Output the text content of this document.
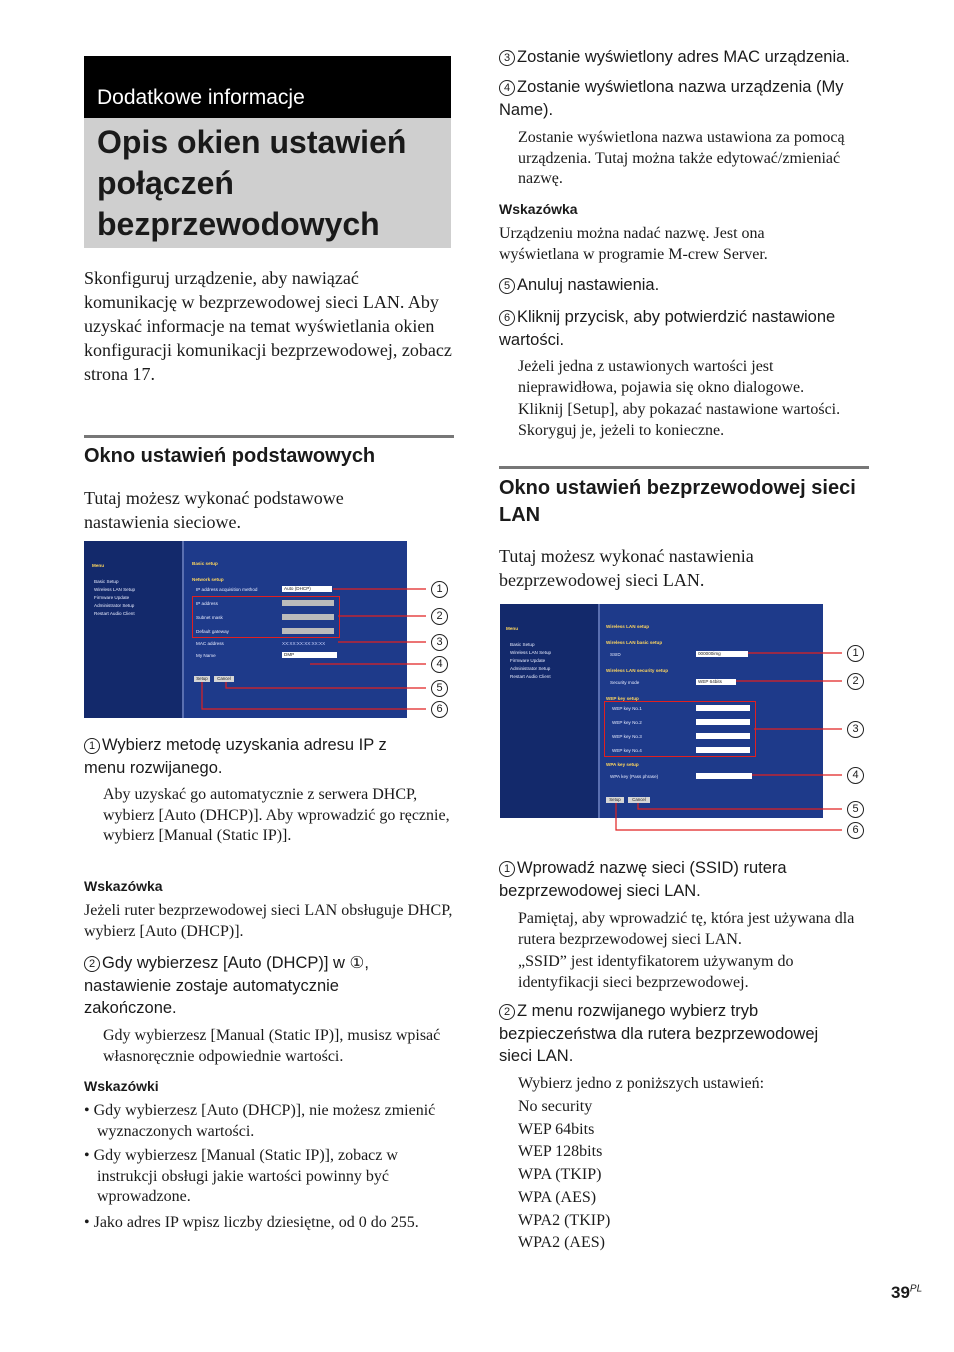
Dodatkowe informacje
Opis okien ustawień połączeń bezprzewodowych
Skonfiguruj urządzenie, aby nawiązać komunikację w bezprzewodowej sieci LAN. Aby uzyskać informacje na temat wyświetlania okien konfiguracji komunikacji bezprzewodowej, zobacz strona 17.
Okno ustawień podstawowych
Tutaj możesz wykonać podstawowe nastawienia sieciowe.
Menu
Basic Setup
Wireless LAN Setup
Firmware Update
Administrator Setup
Restart Audio Client
Basic setup
Network setup
IP address acquisition method	Auto (DHCP)
IP address
Subnet mask
Default gateway
MAC address	XX:XX:XX:XX:XX:XX
My Name	DMP
Setup	Cancel
1
2
3
4
5
6
1 Wybierz metodę uzyskania adresu IP z menu rozwijanego.
Aby uzyskać go automatycznie z serwera DHCP, wybierz [Auto (DHCP)]. Aby wprowadzić go ręcznie, wybierz [Manual (Static IP)].
Wskazówka
Jeżeli ruter bezprzewodowej sieci LAN obsługuje DHCP, wybierz [Auto (DHCP)].
2 Gdy wybierzesz [Auto (DHCP)] w ①, nastawienie zostaje automatycznie zakończone.
Gdy wybierzesz [Manual (Static IP)], musisz wpisać własnoręcznie odpowiednie wartości.
Wskazówki
• Gdy wybierzesz [Auto (DHCP)], nie możesz zmienić wyznaczonych wartości.
• Gdy wybierzesz [Manual (Static IP)], zobacz w instrukcji obsługi jakie wartości powinny być wprowadzone.
• Jako adres IP wpisz liczby dziesiętne, od 0 do 255.
3 Zostanie wyświetlony adres MAC urządzenia.
4 Zostanie wyświetlona nazwa urządzenia (My Name).
Zostanie wyświetlona nazwa ustawiona za pomocą urządzenia. Tutaj można także edytować/zmieniać nazwę.
Wskazówka
Urządzeniu można nadać nazwę. Jest ona wyświetlana w programie M-crew Server.
5 Anuluj nastawienia.
6 Kliknij przycisk, aby potwierdzić nastawione wartości.
Jeżeli jedna z ustawionych wartości jest nieprawidłowa, pojawia się okno dialogowe.
Kliknij [Setup], aby pokazać nastawione wartości. Skoryguj je, jeżeli to konieczne.
Okno ustawień bezprzewodowej sieci LAN
Tutaj możesz wykonać nastawienia bezprzewodowej sieci LAN.
Menu
Basic Setup
Wireless LAN Setup
Firmware Update
Administrator Setup
Restart Audio Client
Wireless LAN setup
Wireless LAN basic setup
SSID	000000img
Wireless LAN security setup
Security mode	WEP 64bits
WEP key setup
WEP key No.1
WEP key No.2
WEP key No.3
WEP key No.4
WPA key setup
WPA key (Pass phrase)
Setup	Cancel
1
2
3
4
5
6
1 Wprowadź nazwę sieci (SSID) rutera bezprzewodowej sieci LAN.
Pamiętaj, aby wprowadzić tę, która jest używana dla rutera bezprzewodowej sieci LAN.
„SSID” jest identyfikatorem używanym do identyfikacji sieci bezprzewodowej.
2 Z menu rozwijanego wybierz tryb bezpieczeństwa dla rutera bezprzewodowej sieci LAN.
Wybierz jedno z poniższych ustawień:
No security
WEP 64bits
WEP 128bits
WPA (TKIP)
WPA (AES)
WPA2 (TKIP)
WPA2 (AES)
$39^{PL}$
